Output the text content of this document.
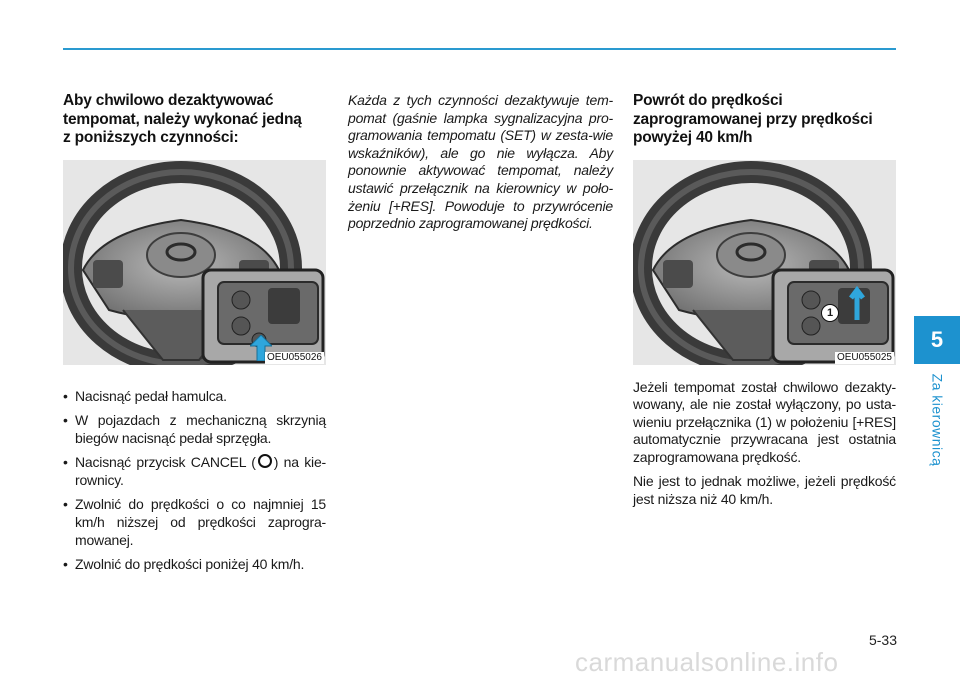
Aby chwilowo dezaktywować
tempomat, należy wykonać jedną
z poniższych czynności:
OEU055026
• Nacisnąć pedał hamulca.
• W pojazdach z mechaniczną skrzynią biegów nacisnąć pedał sprzęgła.
• Nacisnąć przycisk CANCEL ( ) na kie-rownicy.
• Zwolnić do prędkości o co najmniej 15 km/h niższej od prędkości zaprogra-mowanej.
• Zwolnić do prędkości poniżej 40 km/h.

Każda z tych czynności dezaktywuje tem-pomat (gaśnie lampka sygnalizacyjna pro-gramowania tempomatu (SET) w zesta-wie wskaźników), ale go nie wyłącza. Aby ponownie aktywować tempomat, należy ustawić przełącznik na kierownicy w poło-żeniu [+RES]. Powoduje to przywrócenie poprzednio zaprogramowanej prędkości.

Powrót do prędkości
zaprogramowanej przy prędkości
powyżej 40 km/h
1
OEU055025

Jeżeli tempomat został chwilowo dezakty-wowany, ale nie został wyłączony, po usta-wieniu przełącznika (1) w położeniu [+RES] automatycznie przywracana jest ostatnia zaprogramowana prędkość.

Nie jest to jednak możliwe, jeżeli prędkość jest niższa niż 40 km/h.

5
Za kierownicą
5-33
carmanualsonline.info
